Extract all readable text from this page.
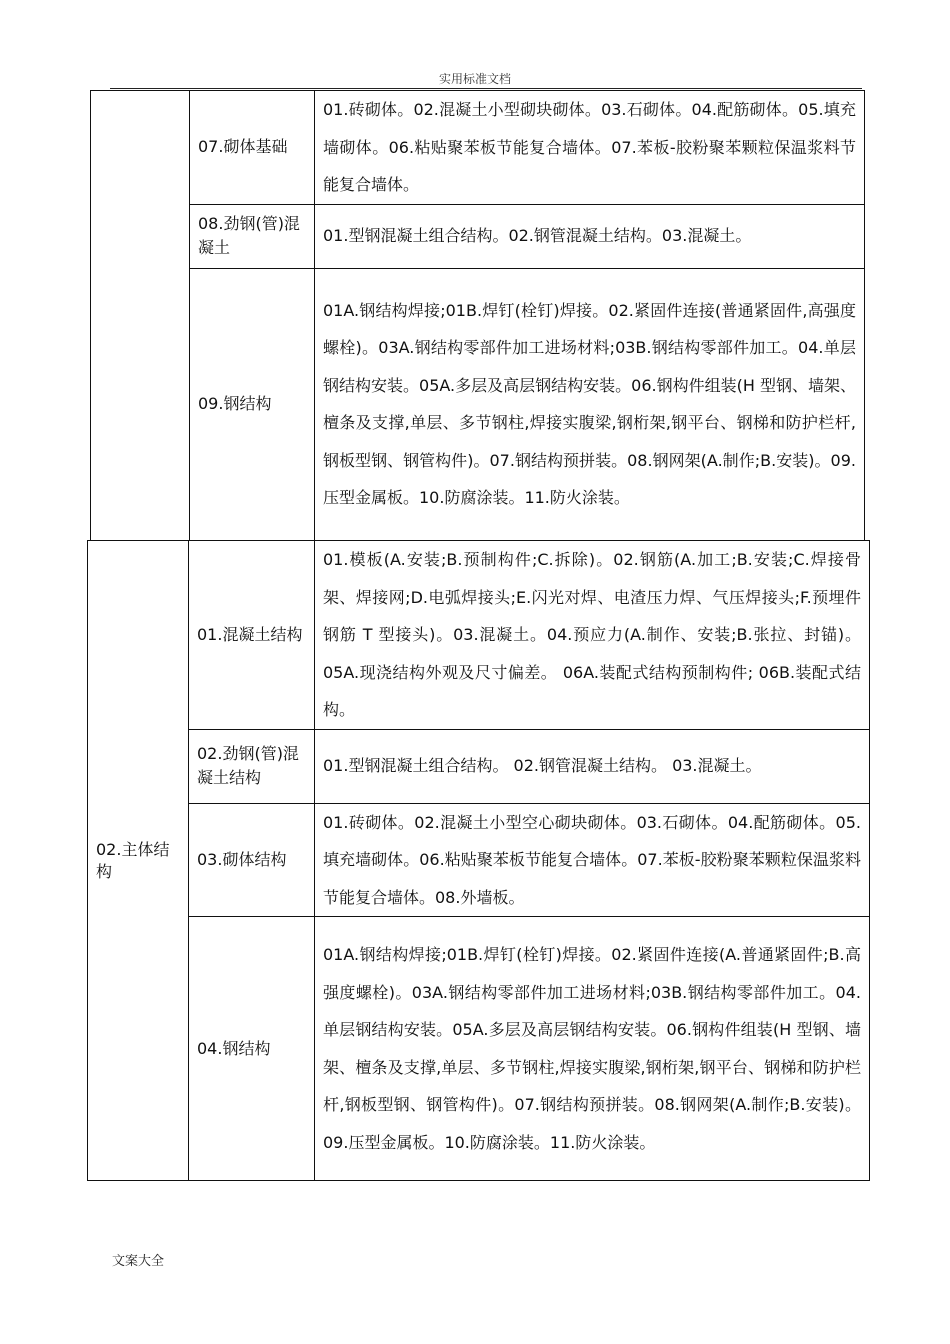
实用标准文档
	07.砌体基础	01.砖砌体。02.混凝土小型砌块砌体。03.石砌体。04.配筋砌体。05.填充墙砌体。06.粘贴聚苯板节能复合墙体。07.苯板-胶粉聚苯颗粒保温浆料节能复合墙体。
	08.劲钢(管)混凝土	01.型钢混凝土组合结构。02.钢管混凝土结构。03.混凝土。
	09.钢结构	01A.钢结构焊接;01B.焊钉(栓钉)焊接。02.紧固件连接(普通紧固件,高强度螺栓)。03A.钢结构零部件加工进场材料;03B.钢结构零部件加工。04.单层钢结构安装。05A.多层及高层钢结构安装。06.钢构件组装(H 型钢、墙架、檀条及支撑,单层、多节钢柱,焊接实腹梁,钢桁架,钢平台、钢梯和防护栏杆,钢板型钢、钢管构件)。07.钢结构预拼装。08.钢网架(A.制作;B.安装)。09.压型金属板。10.防腐涂装。11.防火涂装。
02.主体结构	01.混凝土结构	01.模板(A.安装;B.预制构件;C.拆除)。02.钢筋(A.加工;B.安装;C.焊接骨架、焊接网;D.电弧焊接头;E.闪光对焊、电渣压力焊、气压焊接头;F.预埋件钢筋 T 型接头)。03.混凝土。04.预应力(A.制作、安装;B.张拉、封锚)。05A.现浇结构外观及尺寸偏差。 06A.装配式结构预制构件; 06B.装配式结构。
	02.劲钢(管)混凝土结构	01.型钢混凝土组合结构。 02.钢管混凝土结构。 03.混凝土。
	03.砌体结构	01.砖砌体。02.混凝土小型空心砌块砌体。03.石砌体。04.配筋砌体。05.填充墙砌体。06.粘贴聚苯板节能复合墙体。07.苯板-胶粉聚苯颗粒保温浆料节能复合墙体。08.外墙板。
	04.钢结构	01A.钢结构焊接;01B.焊钉(栓钉)焊接。02.紧固件连接(A.普通紧固件;B.高强度螺栓)。03A.钢结构零部件加工进场材料;03B.钢结构零部件加工。04.单层钢结构安装。05A.多层及高层钢结构安装。06.钢构件组装(H 型钢、墙架、檀条及支撑,单层、多节钢柱,焊接实腹梁,钢桁架,钢平台、钢梯和防护栏杆,钢板型钢、钢管构件)。07.钢结构预拼装。08.钢网架(A.制作;B.安装)。09.压型金属板。10.防腐涂装。11.防火涂装。
文案大全
